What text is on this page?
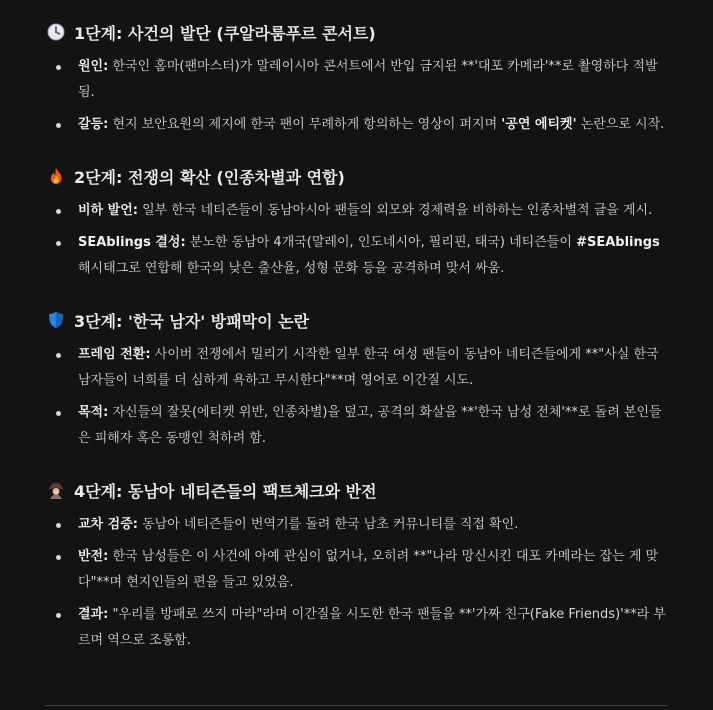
1단계: 사건의 발단 (쿠알라룸푸르 콘서트)
원인: 한국인 홈마(팬마스터)가 말레이시아 콘서트에서 반입 금지된 **'대포 카메라'**로 촬영하다 적발됨.
갈등: 현지 보안요원의 제지에 한국 팬이 무례하게 항의하는 영상이 퍼지며 '공연 에티켓' 논란으로 시작.
2단계: 전쟁의 확산 (인종차별과 연합)
비하 발언: 일부 한국 네티즌들이 동남아시아 팬들의 외모와 경제력을 비하하는 인종차별적 글을 게시.
SEAblings 결성: 분노한 동남아 4개국(말레이, 인도네시아, 필리핀, 태국) 네티즌들이 #SEAblings 해시태그로 연합해 한국의 낮은 출산율, 성형 문화 등을 공격하며 맞서 싸움.
3단계: '한국 남자' 방패막이 논란
프레임 전환: 사이버 전쟁에서 밀리기 시작한 일부 한국 여성 팬들이 동남아 네티즌들에게 **"사실 한국 남자들이 너희를 더 심하게 욕하고 무시한다"**며 영어로 이간질 시도.
목적: 자신들의 잘못(에티켓 위반, 인종차별)을 덮고, 공격의 화살을 **'한국 남성 전체'**로 돌려 본인들은 피해자 혹은 동맹인 척하려 함.
4단계: 동남아 네티즌들의 팩트체크와 반전
교차 검증: 동남아 네티즌들이 번역기를 돌려 한국 남초 커뮤니티를 직접 확인.
반전: 한국 남성들은 이 사건에 아예 관심이 없거나, 오히려 **"나라 망신시킨 대포 카메라는 잡는 게 맞다"**며 현지인들의 편을 들고 있었음.
결과: "우리를 방패로 쓰지 마라"라며 이간질을 시도한 한국 팬들을 **'가짜 친구(Fake Friends)'**라 부르며 역으로 조롱함.
